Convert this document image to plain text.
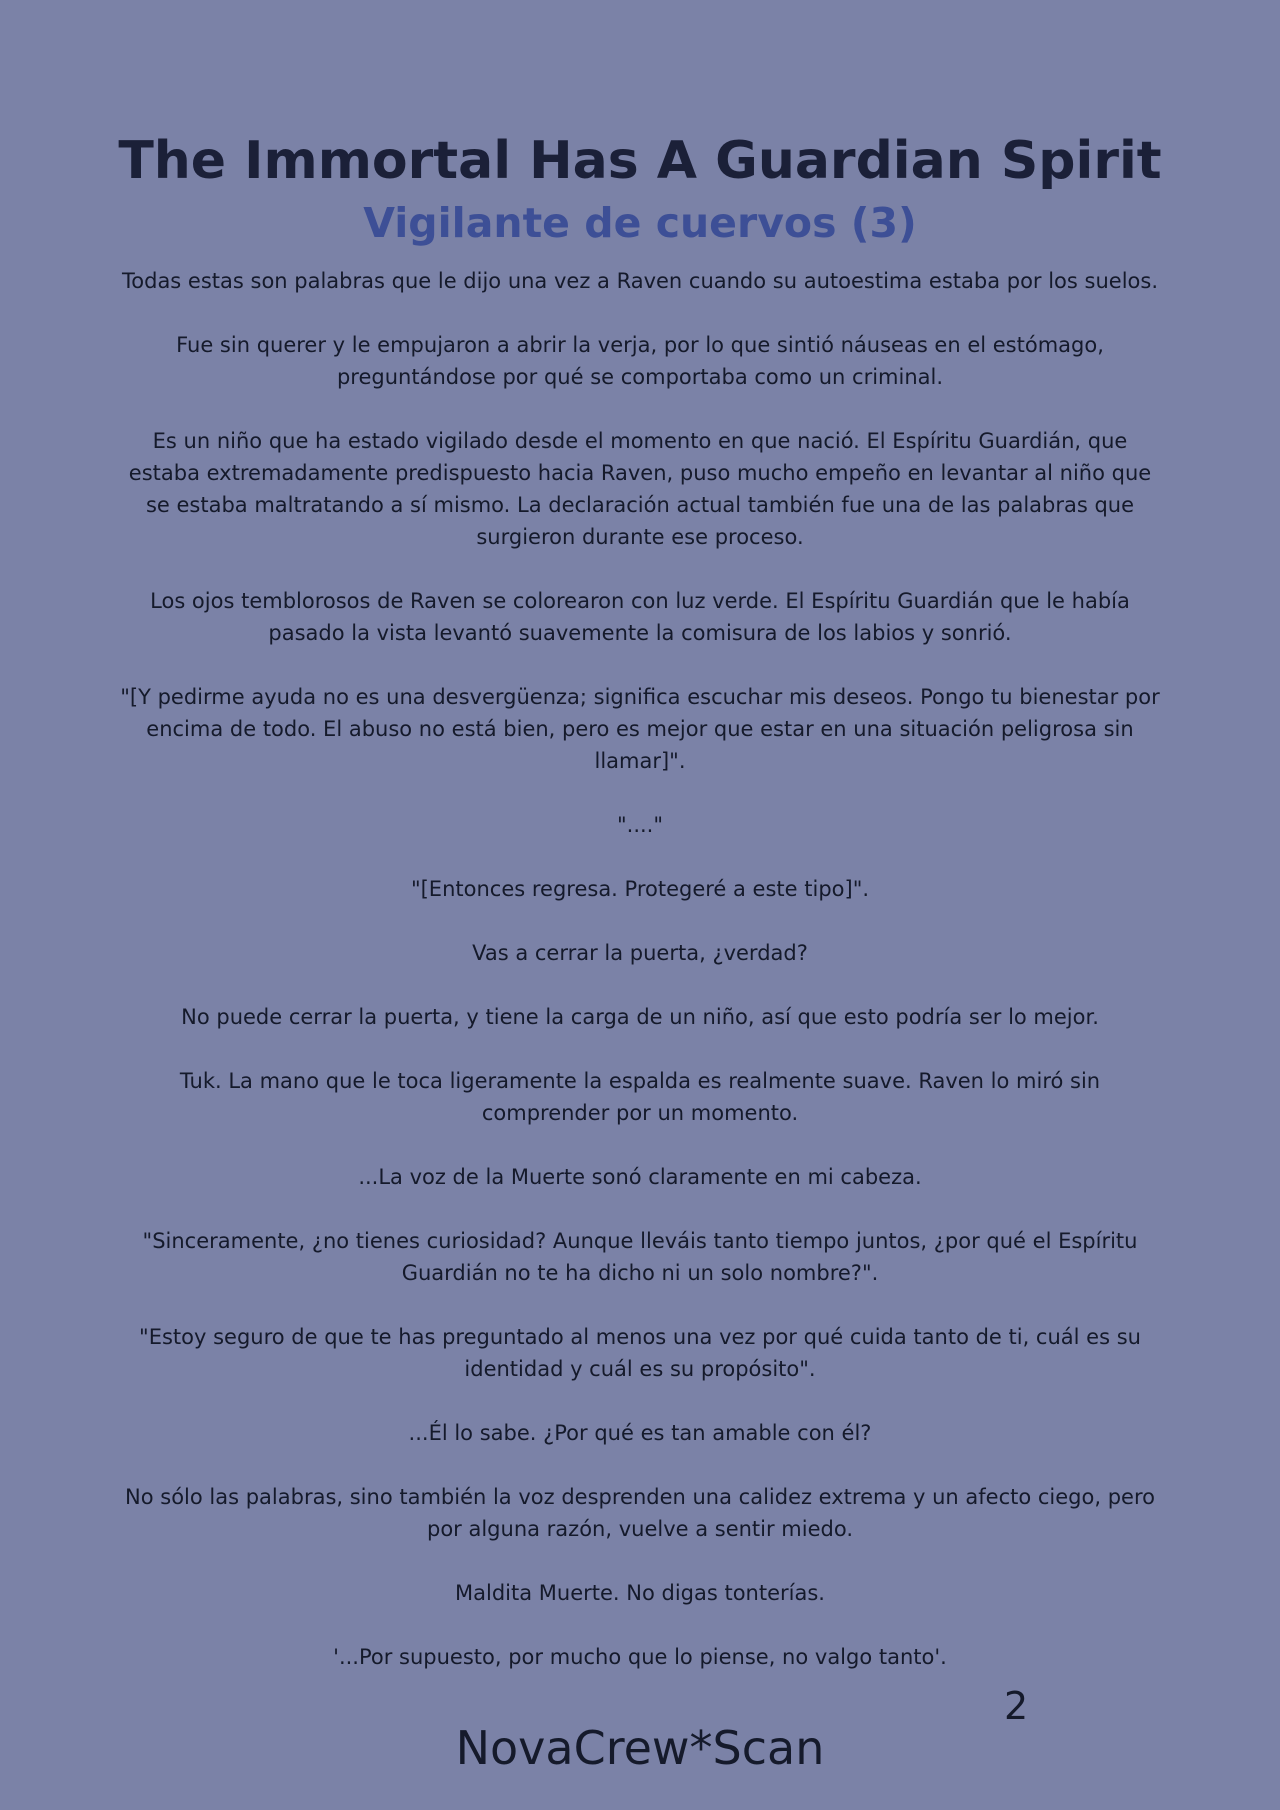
The Immortal Has A Guardian Spirit
Vigilante de cuervos (3)

Todas estas son palabras que le dijo una vez a Raven cuando su autoestima estaba por los suelos.

Fue sin querer y le empujaron a abrir la verja, por lo que sintió náuseas en el estómago, preguntándose por qué se comportaba como un criminal.

Es un niño que ha estado vigilado desde el momento en que nació. El Espíritu Guardián, que estaba extremadamente predispuesto hacia Raven, puso mucho empeño en levantar al niño que se estaba maltratando a sí mismo. La declaración actual también fue una de las palabras que surgieron durante ese proceso.

Los ojos temblorosos de Raven se colorearon con luz verde. El Espíritu Guardián que le había pasado la vista levantó suavemente la comisura de los labios y sonrió.

"[Y pedirme ayuda no es una desvergüenza; significa escuchar mis deseos. Pongo tu bienestar por encima de todo. El abuso no está bien, pero es mejor que estar en una situación peligrosa sin llamar]".

"...."

"[Entonces regresa. Protegeré a este tipo]".

Vas a cerrar la puerta, ¿verdad?

No puede cerrar la puerta, y tiene la carga de un niño, así que esto podría ser lo mejor.

Tuk. La mano que le toca ligeramente la espalda es realmente suave. Raven lo miró sin comprender por un momento.

...La voz de la Muerte sonó claramente en mi cabeza.

"Sinceramente, ¿no tienes curiosidad? Aunque lleváis tanto tiempo juntos, ¿por qué el Espíritu Guardián no te ha dicho ni un solo nombre?".

"Estoy seguro de que te has preguntado al menos una vez por qué cuida tanto de ti, cuál es su identidad y cuál es su propósito".

...Él lo sabe. ¿Por qué es tan amable con él?

No sólo las palabras, sino también la voz desprenden una calidez extrema y un afecto ciego, pero por alguna razón, vuelve a sentir miedo.

Maldita Muerte. No digas tonterías.

'...Por supuesto, por mucho que lo piense, no valgo tanto'.

2
NovaCrew*Scan
